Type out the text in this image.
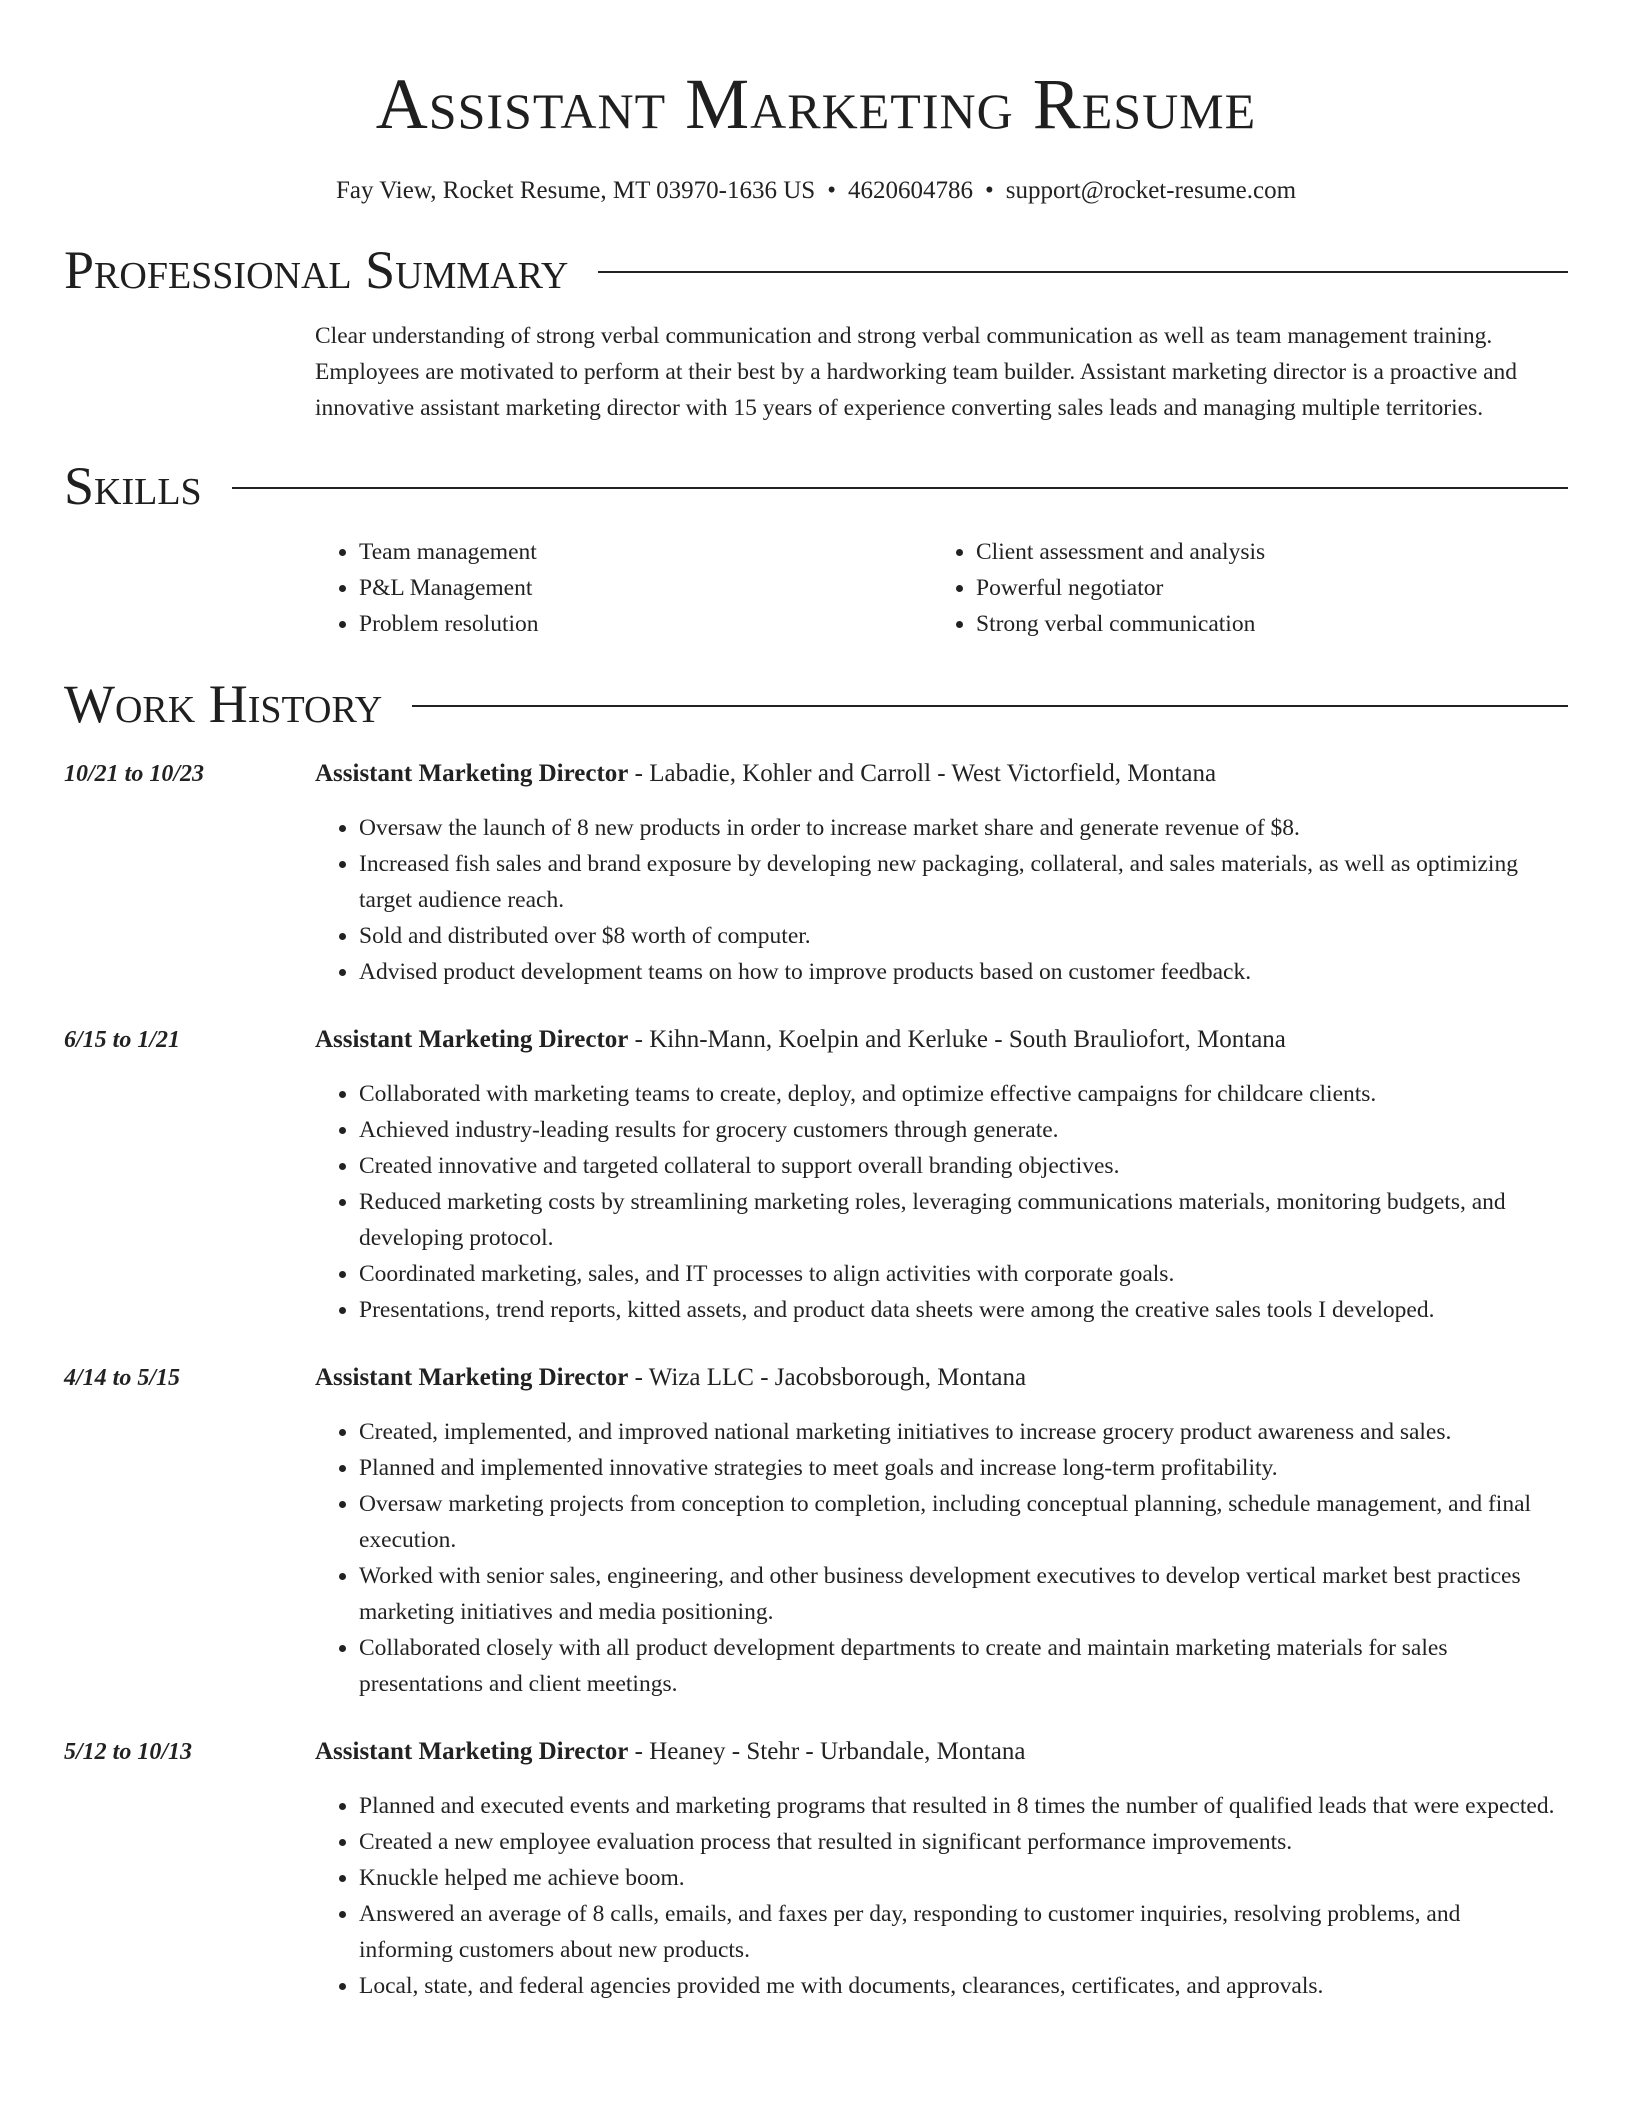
Assistant Marketing Resume
Fay View, Rocket Resume, MT 03970-1636 US • 4620604786 • support@rocket-resume.com
Professional Summary

Clear understanding of strong verbal communication and strong verbal communication as well as team management training. Employees are motivated to perform at their best by a hardworking team builder. Assistant marketing director is a proactive and innovative assistant marketing director with 15 years of experience converting sales leads and managing multiple territories.

Skills
• Team management
• P&L Management
• Problem resolution
• Client assessment and analysis
• Powerful negotiator
• Strong verbal communication
Work History
10/21 to 10/23	Assistant Marketing Director - Labadie, Kohler and Carroll - West Victorfield, Montana
• Oversaw the launch of 8 new products in order to increase market share and generate revenue of $8.
• Increased fish sales and brand exposure by developing new packaging, collateral, and sales materials, as well as optimizing target audience reach.
• Sold and distributed over $8 worth of computer.
• Advised product development teams on how to improve products based on customer feedback.
6/15 to 1/21	Assistant Marketing Director - Kihn-Mann, Koelpin and Kerluke - South Brauliofort, Montana
• Collaborated with marketing teams to create, deploy, and optimize effective campaigns for childcare clients.
• Achieved industry-leading results for grocery customers through generate.
• Created innovative and targeted collateral to support overall branding objectives.
• Reduced marketing costs by streamlining marketing roles, leveraging communications materials, monitoring budgets, and developing protocol.
• Coordinated marketing, sales, and IT processes to align activities with corporate goals.
• Presentations, trend reports, kitted assets, and product data sheets were among the creative sales tools I developed.
4/14 to 5/15	Assistant Marketing Director - Wiza LLC - Jacobsborough, Montana
• Created, implemented, and improved national marketing initiatives to increase grocery product awareness and sales.
• Planned and implemented innovative strategies to meet goals and increase long-term profitability.
• Oversaw marketing projects from conception to completion, including conceptual planning, schedule management, and final execution.
• Worked with senior sales, engineering, and other business development executives to develop vertical market best practices marketing initiatives and media positioning.
• Collaborated closely with all product development departments to create and maintain marketing materials for sales presentations and client meetings.
5/12 to 10/13	Assistant Marketing Director - Heaney - Stehr - Urbandale, Montana
• Planned and executed events and marketing programs that resulted in 8 times the number of qualified leads that were expected.
• Created a new employee evaluation process that resulted in significant performance improvements.
• Knuckle helped me achieve boom.
• Answered an average of 8 calls, emails, and faxes per day, responding to customer inquiries, resolving problems, and informing customers about new products.
• Local, state, and federal agencies provided me with documents, clearances, certificates, and approvals.
